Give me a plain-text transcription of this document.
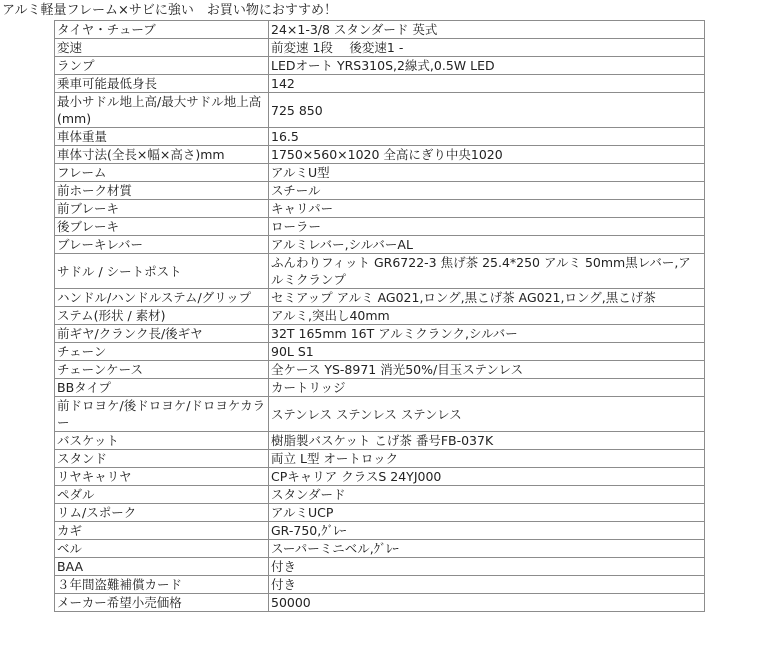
アルミ軽量フレーム×サビに強い　お買い物におすすめ！
タイヤ・チューブ	24×1-3/8 スタンダード 英式
変速	前変速 1段　 後変速1 -
ランプ	LEDオート YRS310S,2線式,0.5W LED
乗車可能最低身長	142
最小サドル地上高/最大サドル地上高(mm)	725 850
車体重量	16.5
車体寸法(全長×幅×高さ)mm	1750×560×1020 全高にぎり中央1020
フレーム	アルミU型
前ホーク材質	スチール
前ブレーキ	キャリパー
後ブレーキ	ローラー
ブレーキレバー	アルミレバー,シルバーAL
サドル / シートポスト	ふんわりフィット GR6722-3 焦げ茶 25.4*250 アルミ 50mm黒レバー,アルミクランプ
ハンドル/ハンドルステム/グリップ	セミアップ アルミ AG021,ロング,黒こげ茶 AG021,ロング,黒こげ茶
ステム(形状 / 素材)	アルミ,突出し40mm
前ギヤ/クランク長/後ギヤ	32T 165mm 16T アルミクランク,シルバー
チェーン	90L S1
チェーンケース	全ケース YS-8971 消光50%/目玉ステンレス
BBタイプ	カートリッジ
前ドロヨケ/後ドロヨケ/ドロヨケカラー	ステンレス ステンレス ステンレス
バスケット	樹脂製バスケット こげ茶 番号FB-037K
スタンド	両立 L型 オートロック
リヤキャリヤ	CPキャリア クラスS 24YJ000
ペダル	スタンダード
リム/スポーク	アルミUCP
カギ	GR-750,ｸﾞﾚｰ
ベル	スーパーミニベル,ｸﾞﾚｰ
BAA	付き
３年間盗難補償カード	付き
メーカー希望小売価格	50000
